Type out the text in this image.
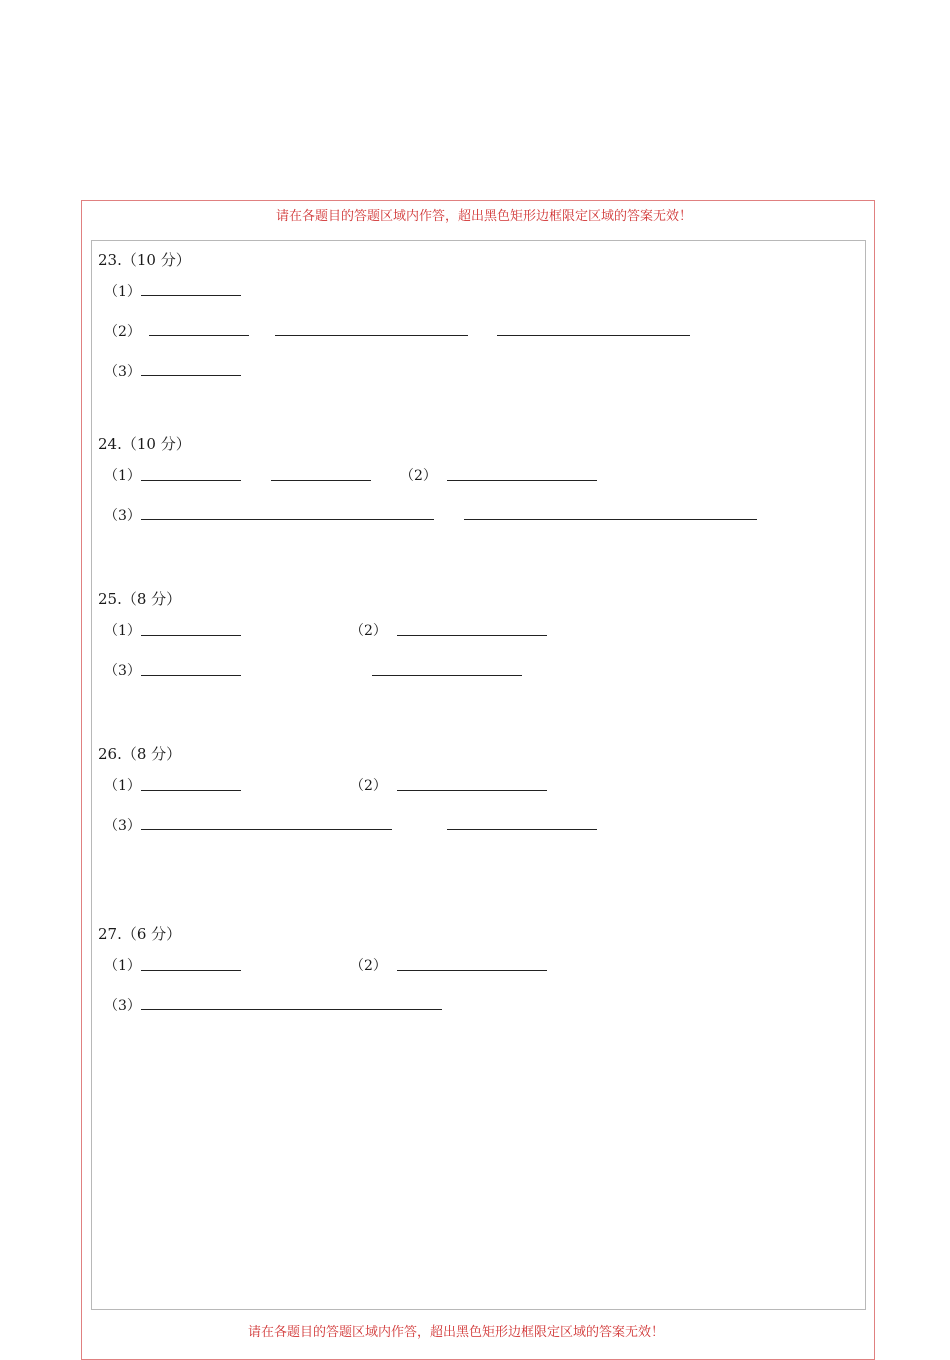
请在各题目的答题区域内作答，超出黑色矩形边框限定区域的答案无效！
23.（10 分）
（1）
（2）
（3）
24.（10 分）
（1）	（2）
（3）
25.（8 分）
（1）	（2）
（3）
26.（8 分）
（1）	（2）
（3）
27.（6 分）
（1）	（2）
（3）
请在各题目的答题区域内作答，超出黑色矩形边框限定区域的答案无效！
